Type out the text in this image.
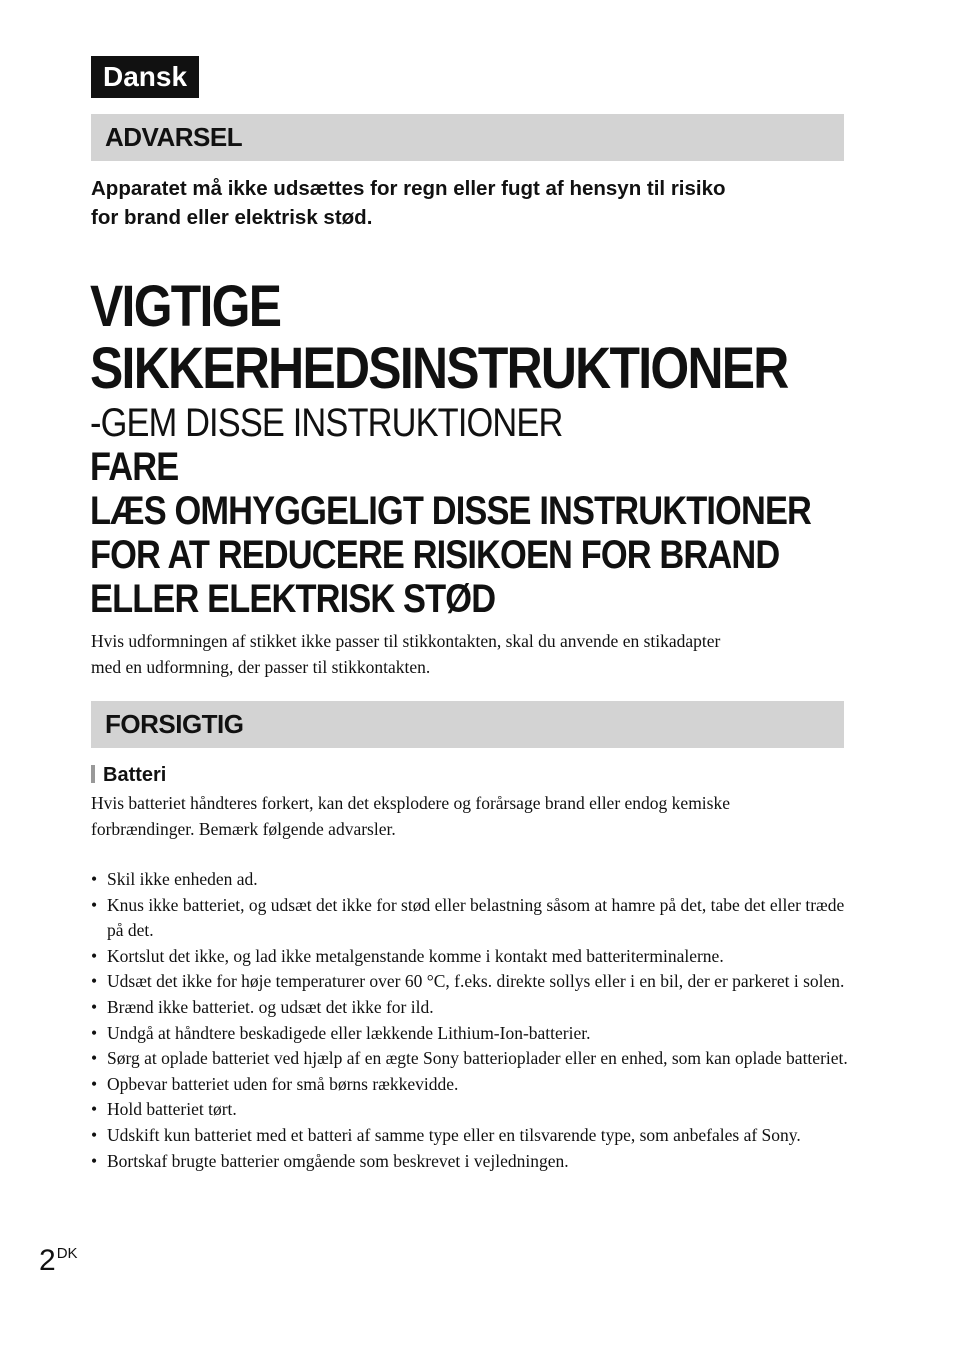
Dansk
ADVARSEL
Apparatet må ikke udsættes for regn eller fugt af hensyn til risiko
for brand eller elektrisk stød.
VIGTIGE
SIKKERHEDSINSTRUKTIONER
-GEM DISSE INSTRUKTIONER
FARE
LÆS OMHYGGELIGT DISSE INSTRUKTIONER
FOR AT REDUCERE RISIKOEN FOR BRAND
ELLER ELEKTRISK STØD
Hvis udformningen af stikket ikke passer til stikkontakten, skal du anvende en stikadapter
med en udformning, der passer til stikkontakten.
FORSIGTIG
Batteri
Hvis batteriet håndteres forkert, kan det eksplodere og forårsage brand eller endog kemiske
forbrændinger. Bemærk følgende advarsler.
• Skil ikke enheden ad.
• Knus ikke batteriet, og udsæt det ikke for stød eller belastning såsom at hamre på det, tabe det eller træde på det.
• Kortslut det ikke, og lad ikke metalgenstande komme i kontakt med batteriterminalerne.
• Udsæt det ikke for høje temperaturer over 60 °C, f.eks. direkte sollys eller i en bil, der er parkeret i solen.
• Brænd ikke batteriet. og udsæt det ikke for ild.
• Undgå at håndtere beskadigede eller lækkende Lithium-Ion-batterier.
• Sørg at oplade batteriet ved hjælp af en ægte Sony batterioplader eller en enhed, som kan oplade batteriet.
• Opbevar batteriet uden for små børns rækkevidde.
• Hold batteriet tørt.
• Udskift kun batteriet med et batteri af samme type eller en tilsvarende type, som anbefales af Sony.
• Bortskaf brugte batterier omgående som beskrevet i vejledningen.
$2^{DK}$
